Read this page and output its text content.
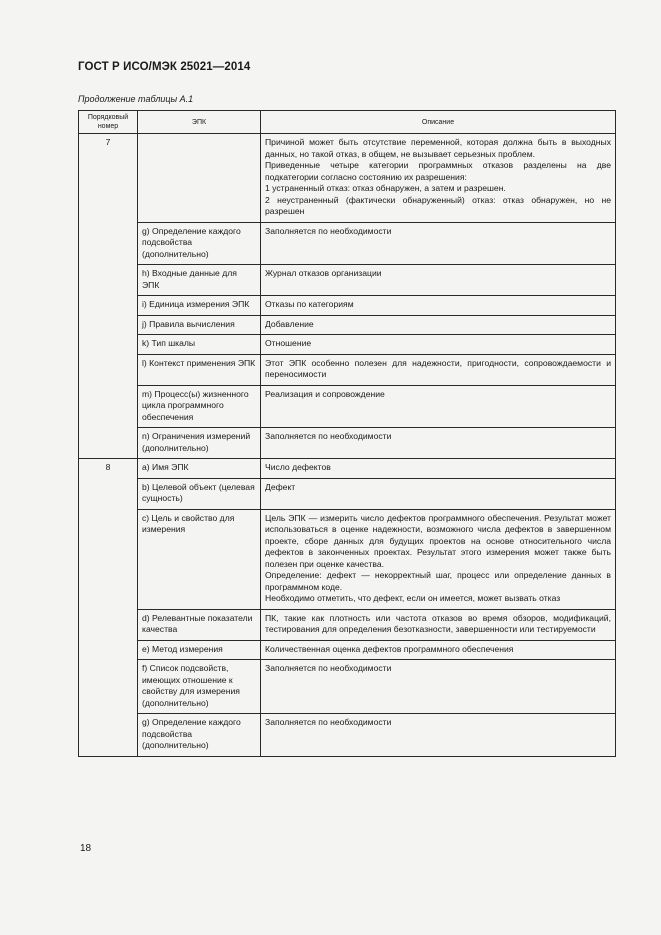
ГОСТ Р ИСО/МЭК 25021—2014
Продолжение таблицы А.1
Порядковый номер	ЭПК	Описание
7		Причиной может быть отсутствие переменной, которая должна быть в выходных данных, но такой отказ, в общем, не вызывает серьезных проблем.
Приведенные четыре категории программных отказов разделены на две подкатегории согласно состоянию их разрешения:
1 устраненный отказ: отказ обнаружен, а затем и разрешен.
2 неустраненный (фактически обнаруженный) отказ: отказ обнаружен, но не разрешен

	g) Определение каждого подсвойства (дополнительно)	Заполняется по необходимости

	h) Входные данные для ЭПК	Журнал отказов организации

	i) Единица измерения ЭПК	Отказы по категориям

	j) Правила вычисления	Добавление

	k) Тип шкалы	Отношение

	l) Контекст применения ЭПК	Этот ЭПК особенно полезен для надежности, пригодности, сопровождаемости и переносимости

	m) Процесс(ы) жизненного цикла программного обеспечения	Реализация и сопровождение

	n) Ограничения измерений (дополнительно)	Заполняется по необходимости

8	а) Имя ЭПК	Число дефектов

	b) Целевой объект (целевая сущность)	Дефект

	с) Цель и свойство для измерения	Цель ЭПК — измерить число дефектов программного обеспечения. Результат может использоваться в оценке надежности, возможного числа дефектов в завершенном проекте, сборе данных для будущих проектов на основе относительного числа дефектов в законченных проектах. Результат этого измерения может также быть полезен при оценке качества.
Определение: дефект — некорректный шаг, процесс или определение данных в программном коде.
Необходимо отметить, что дефект, если он имеется, может вызвать отказ

	d) Релевантные показатели качества	ПК, такие как плотность или частота отказов во время обзоров, модификаций, тестирования для определения безотказности, завершенности или тестируемости

	е) Метод измерения	Количественная оценка дефектов программного обеспечения

	f) Список подсвойств, имеющих отношение к свойству для измерения (дополнительно)	Заполняется по необходимости

	g) Определение каждого подсвойства (дополнительно)	Заполняется по необходимости
18
